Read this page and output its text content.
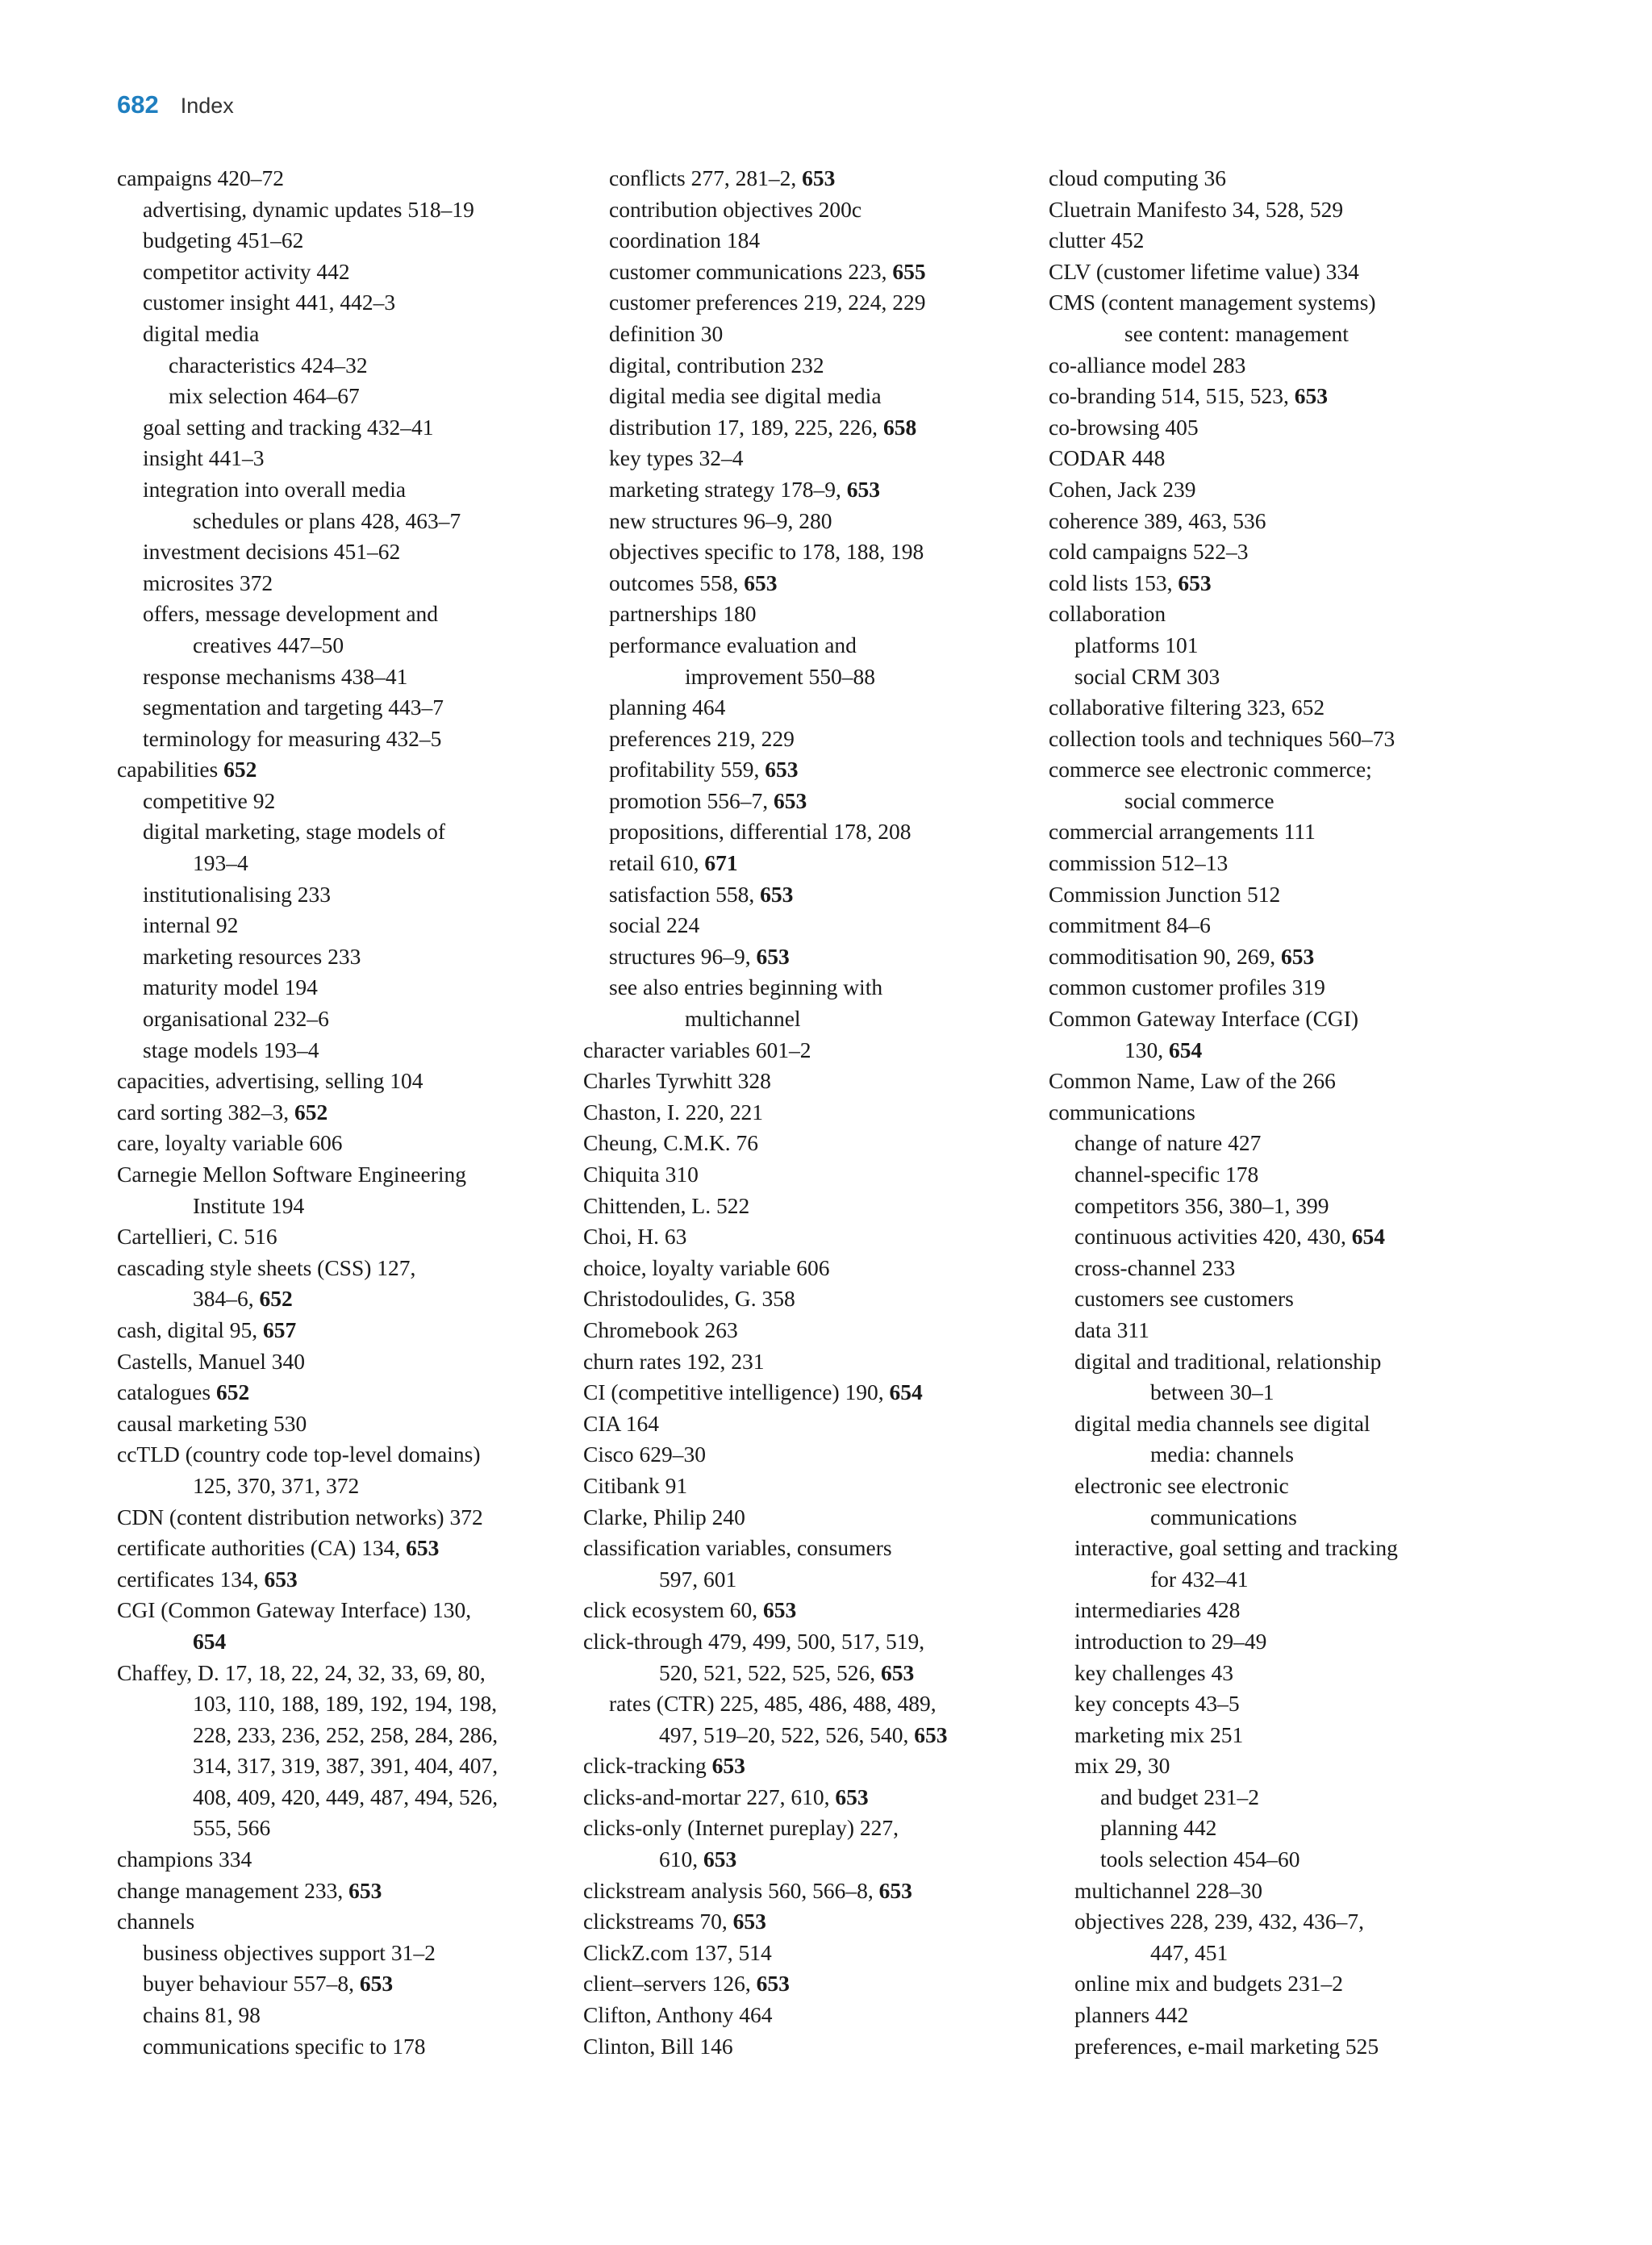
682 Index
campaigns 420–72
advertising, dynamic updates 518–19
budgeting 451–62
competitor activity 442
customer insight 441, 442–3
digital media
characteristics 424–32
mix selection 464–67
goal setting and tracking 432–41
insight 441–3
integration into overall media
schedules or plans 428, 463–7
investment decisions 451–62
microsites 372
offers, message development and
creatives 447–50
response mechanisms 438–41
segmentation and targeting 443–7
terminology for measuring 432–5
capabilities 652
competitive 92
digital marketing, stage models of
193–4
institutionalising 233
internal 92
marketing resources 233
maturity model 194
organisational 232–6
stage models 193–4
capacities, advertising, selling 104
card sorting 382–3, 652
care, loyalty variable 606
Carnegie Mellon Software Engineering
Institute 194
Cartellieri, C. 516
cascading style sheets (CSS) 127,
384–6, 652
cash, digital 95, 657
Castells, Manuel 340
catalogues 652
causal marketing 530
ccTLD (country code top-level domains)
125, 370, 371, 372
CDN (content distribution networks) 372
certificate authorities (CA) 134, 653
certificates 134, 653
CGI (Common Gateway Interface) 130,
654
Chaffey, D. 17, 18, 22, 24, 32, 33, 69, 80,
103, 110, 188, 189, 192, 194, 198,
228, 233, 236, 252, 258, 284, 286,
314, 317, 319, 387, 391, 404, 407,
408, 409, 420, 449, 487, 494, 526,
555, 566
champions 334
change management 233, 653
channels
business objectives support 31–2
buyer behaviour 557–8, 653
chains 81, 98
communications specific to 178
conflicts 277, 281–2, 653
contribution objectives 200c
coordination 184
customer communications 223, 655
customer preferences 219, 224, 229
definition 30
digital, contribution 232
digital media see digital media
distribution 17, 189, 225, 226, 658
key types 32–4
marketing strategy 178–9, 653
new structures 96–9, 280
objectives specific to 178, 188, 198
outcomes 558, 653
partnerships 180
performance evaluation and
improvement 550–88
planning 464
preferences 219, 229
profitability 559, 653
promotion 556–7, 653
propositions, differential 178, 208
retail 610, 671
satisfaction 558, 653
social 224
structures 96–9, 653
see also entries beginning with
multichannel
character variables 601–2
Charles Tyrwhitt 328
Chaston, I. 220, 221
Cheung, C.M.K. 76
Chiquita 310
Chittenden, L. 522
Choi, H. 63
choice, loyalty variable 606
Christodoulides, G. 358
Chromebook 263
churn rates 192, 231
CI (competitive intelligence) 190, 654
CIA 164
Cisco 629–30
Citibank 91
Clarke, Philip 240
classification variables, consumers
597, 601
click ecosystem 60, 653
click-through 479, 499, 500, 517, 519,
520, 521, 522, 525, 526, 653
rates (CTR) 225, 485, 486, 488, 489,
497, 519–20, 522, 526, 540, 653
click-tracking 653
clicks-and-mortar 227, 610, 653
clicks-only (Internet pureplay) 227,
610, 653
clickstream analysis 560, 566–8, 653
clickstreams 70, 653
ClickZ.com 137, 514
client–servers 126, 653
Clifton, Anthony 464
Clinton, Bill 146
cloud computing 36
Cluetrain Manifesto 34, 528, 529
clutter 452
CLV (customer lifetime value) 334
CMS (content management systems)
see content: management
co-alliance model 283
co-branding 514, 515, 523, 653
co-browsing 405
CODAR 448
Cohen, Jack 239
coherence 389, 463, 536
cold campaigns 522–3
cold lists 153, 653
collaboration
platforms 101
social CRM 303
collaborative filtering 323, 652
collection tools and techniques 560–73
commerce see electronic commerce;
social commerce
commercial arrangements 111
commission 512–13
Commission Junction 512
commitment 84–6
commoditisation 90, 269, 653
common customer profiles 319
Common Gateway Interface (CGI)
130, 654
Common Name, Law of the 266
communications
change of nature 427
channel-specific 178
competitors 356, 380–1, 399
continuous activities 420, 430, 654
cross-channel 233
customers see customers
data 311
digital and traditional, relationship
between 30–1
digital media channels see digital
media: channels
electronic see electronic
communications
interactive, goal setting and tracking
for 432–41
intermediaries 428
introduction to 29–49
key challenges 43
key concepts 43–5
marketing mix 251
mix 29, 30
and budget 231–2
planning 442
tools selection 454–60
multichannel 228–30
objectives 228, 239, 432, 436–7,
447, 451
online mix and budgets 231–2
planners 442
preferences, e-mail marketing 525
